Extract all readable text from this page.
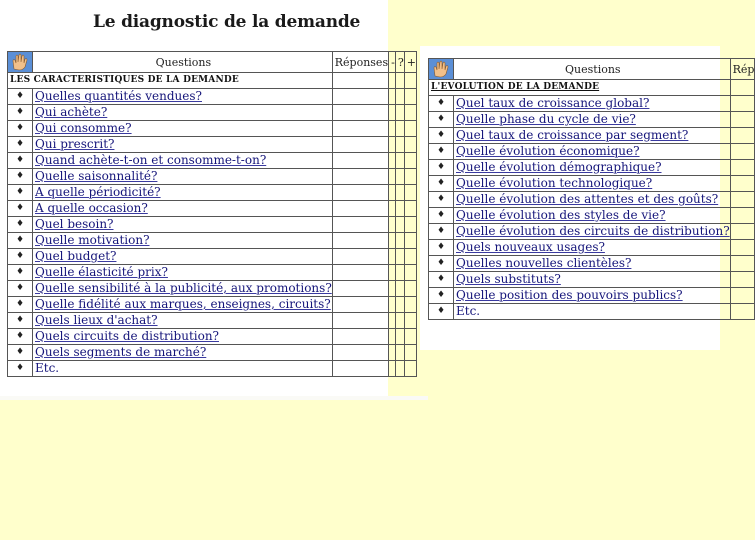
Le diagnostic de la demande
	Questions	Réponses	-	?	+
LES CARACTERISTIQUES DE LA DEMANDE					
♦	Quelles quantités vendues?				
♦	Qui achète?				
♦	Qui consomme?				
♦	Qui prescrit?				
♦	Quand achète-t-on et consomme-t-on?				
♦	Quelle saisonnalité?				
♦	A quelle périodicité?				
♦	A quelle occasion?				
♦	Quel besoin?				
♦	Quelle motivation?				
♦	Quel budget?				
♦	Quelle élasticité prix?				
♦	Quelle sensibilité à la publicité, aux promotions?				
♦	Quelle fidélité aux marques, enseignes, circuits?				
♦	Quels lieux d'achat?				
♦	Quels circuits de distribution?				
♦	Quels segments de marché?				
♦	Etc.				
	Questions	Rép
L'EVOLUTION DE LA DEMANDE		
♦	Quel taux de croissance global?	
♦	Quelle phase du cycle de vie?	
♦	Quel taux de croissance par segment?	
♦	Quelle évolution économique?	
♦	Quelle évolution démographique?	
♦	Quelle évolution technologique?	
♦	Quelle évolution des attentes et des goûts?	
♦	Quelle évolution des styles de vie?	
♦	Quelle évolution des circuits de distribution?	
♦	Quels nouveaux usages?	
♦	Quelles nouvelles clientèles?	
♦	Quels substituts?	
♦	Quelle position des pouvoirs publics?	
♦	Etc.	
